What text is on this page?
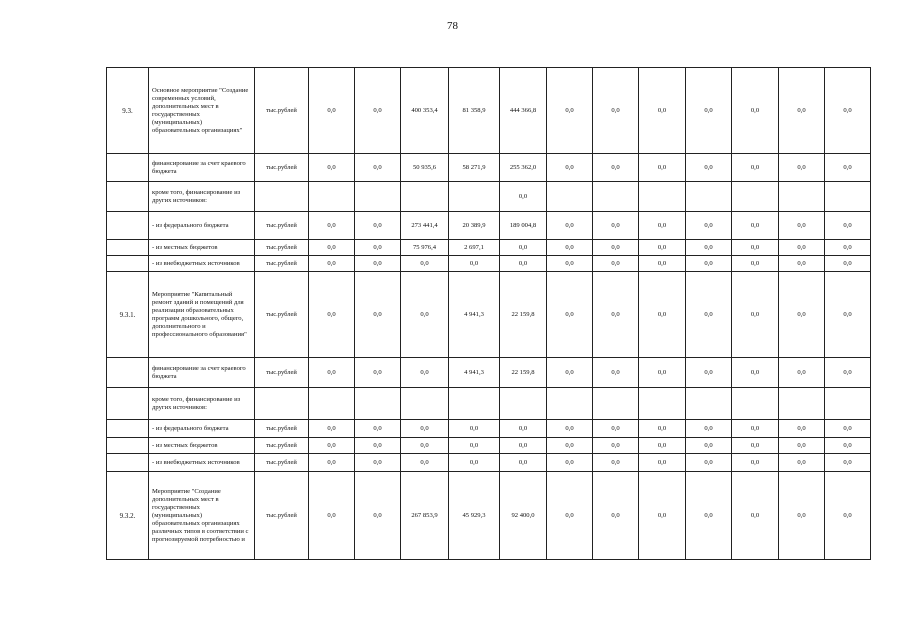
78
9.3.	Основное мероприятие "Создание современных условий, дополнительных мест в государственных (муниципальных) образовательных организациях"	тыс.рублей	0,0	0,0	400 353,4	81 358,9	444 366,8	0,0	0,0	0,0	0,0	0,0	0,0	0,0
	финансирование за счет краевого бюджета	тыс.рублей	0,0	0,0	50 935,6	58 271,9	255 362,0	0,0	0,0	0,0	0,0	0,0	0,0	0,0
	кроме того, финансирование из других источников:						0,0							
	- из федерального бюджета	тыс.рублей	0,0	0,0	273 441,4	20 389,9	189 004,8	0,0	0,0	0,0	0,0	0,0	0,0	0,0
	- из местных бюджетов	тыс.рублей	0,0	0,0	75 976,4	2 697,1	0,0	0,0	0,0	0,0	0,0	0,0	0,0	0,0
	- из внебюджетных источников	тыс.рублей	0,0	0,0	0,0	0,0	0,0	0,0	0,0	0,0	0,0	0,0	0,0	0,0
9.3.1.	Мероприятие "Капитальный ремонт зданий и помещений для реализации образовательных программ дошкольного, общего, дополнительного и профессионального образования"	тыс.рублей	0,0	0,0	0,0	4 941,3	22 159,8	0,0	0,0	0,0	0,0	0,0	0,0	0,0
	финансирование за счет краевого бюджета	тыс.рублей	0,0	0,0	0,0	4 941,3	22 159,8	0,0	0,0	0,0	0,0	0,0	0,0	0,0
	кроме того, финансирование из других источников:													
	- из федерального бюджета	тыс.рублей	0,0	0,0	0,0	0,0	0,0	0,0	0,0	0,0	0,0	0,0	0,0	0,0
	- из местных бюджетов	тыс.рублей	0,0	0,0	0,0	0,0	0,0	0,0	0,0	0,0	0,0	0,0	0,0	0,0
	- из внебюджетных источников	тыс.рублей	0,0	0,0	0,0	0,0	0,0	0,0	0,0	0,0	0,0	0,0	0,0	0,0
9.3.2.	Мероприятие "Создание дополнительных мест в государственных (муниципальных) образовательных организациях различных типов в соответствии с прогнозируемой потребностью и	тыс.рублей	0,0	0,0	267 853,9	45 929,3	92 400,0	0,0	0,0	0,0	0,0	0,0	0,0	0,0
